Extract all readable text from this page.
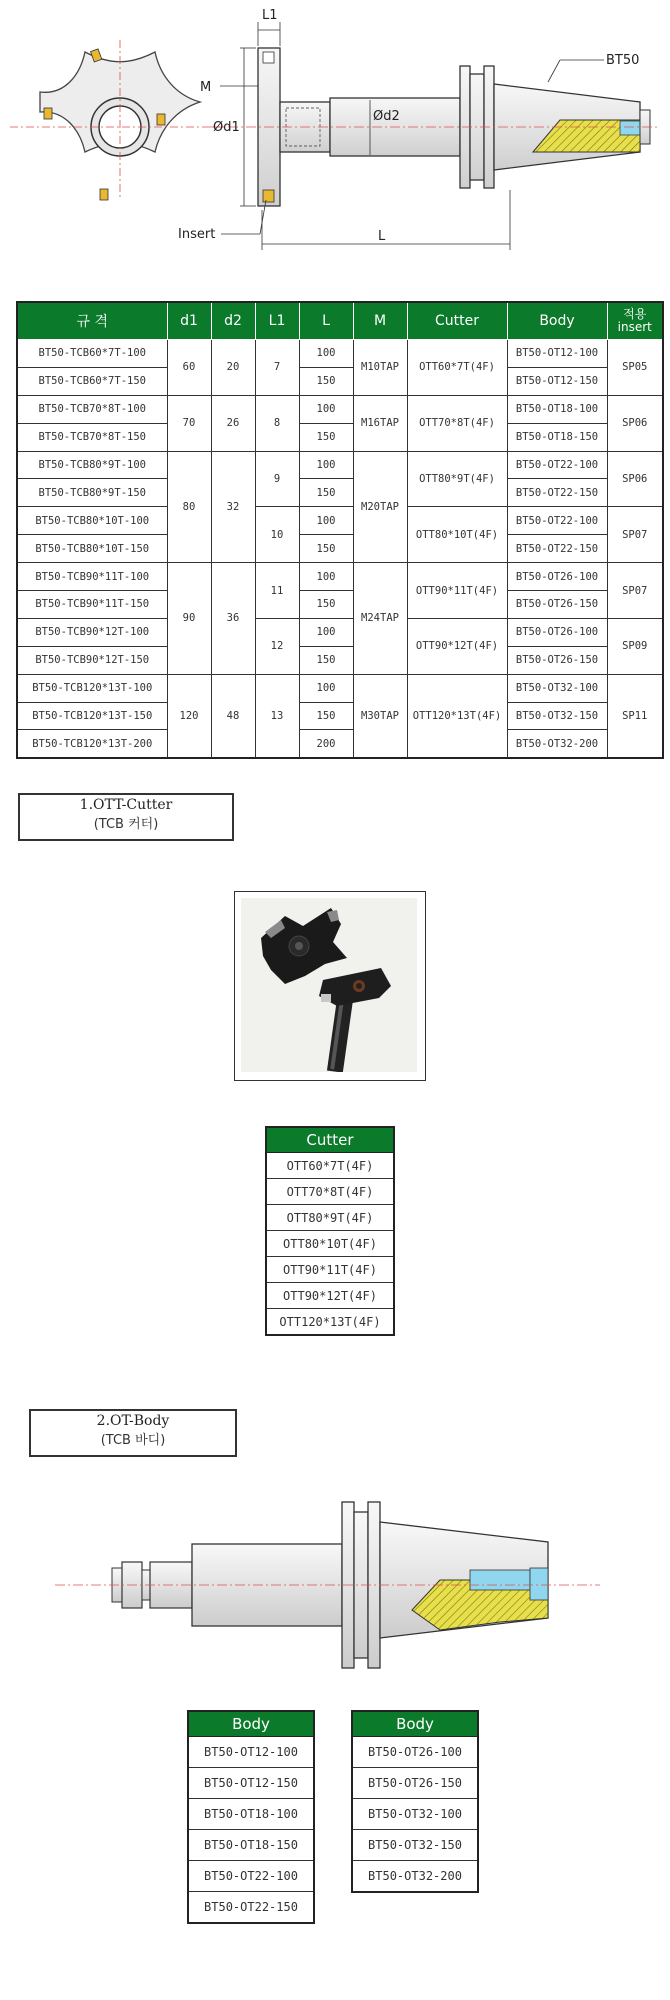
L1
M
Ød1
Ød2
BT50
Insert	L
규 격	d1	d2	L1	L	M	Cutter	Body	적용
insert
BT50-TCB60*7T-100	60	20	7	100	M10TAP	OTT60*7T(4F)	BT50-OT12-100	SP05
BT50-TCB60*7T-150				150			BT50-OT12-150	
BT50-TCB70*8T-100	70	26	8	100	M16TAP	OTT70*8T(4F)	BT50-OT18-100	SP06
BT50-TCB70*8T-150				150			BT50-OT18-150	
BT50-TCB80*9T-100	80	32	9	100	M20TAP	OTT80*9T(4F)	BT50-OT22-100	SP06
BT50-TCB80*9T-150				150			BT50-OT22-150	
BT50-TCB80*10T-100			10	100		OTT80*10T(4F)	BT50-OT22-100	SP07
BT50-TCB80*10T-150				150			BT50-OT22-150	
BT50-TCB90*11T-100	90	36	11	100	M24TAP	OTT90*11T(4F)	BT50-OT26-100	SP07
BT50-TCB90*11T-150				150			BT50-OT26-150	
BT50-TCB90*12T-100			12	100		OTT90*12T(4F)	BT50-OT26-100	SP09
BT50-TCB90*12T-150				150			BT50-OT26-150	
BT50-TCB120*13T-100	120	48	13	100	M30TAP	OTT120*13T(4F)	BT50-OT32-100	SP11
BT50-TCB120*13T-150				150			BT50-OT32-150	
BT50-TCB120*13T-200				200			BT50-OT32-200	
1.OTT-Cutter
(TCB 커터)
Cutter
OTT60*7T(4F)
OTT70*8T(4F)
OTT80*9T(4F)
OTT80*10T(4F)
OTT90*11T(4F)
OTT90*12T(4F)
OTT120*13T(4F)
2.OT-Body
(TCB 바디)
Body
BT50-OT12-100
BT50-OT12-150
BT50-OT18-100
BT50-OT18-150
BT50-OT22-100
BT50-OT22-150
Body
BT50-OT26-100
BT50-OT26-150
BT50-OT32-100
BT50-OT32-150
BT50-OT32-200
